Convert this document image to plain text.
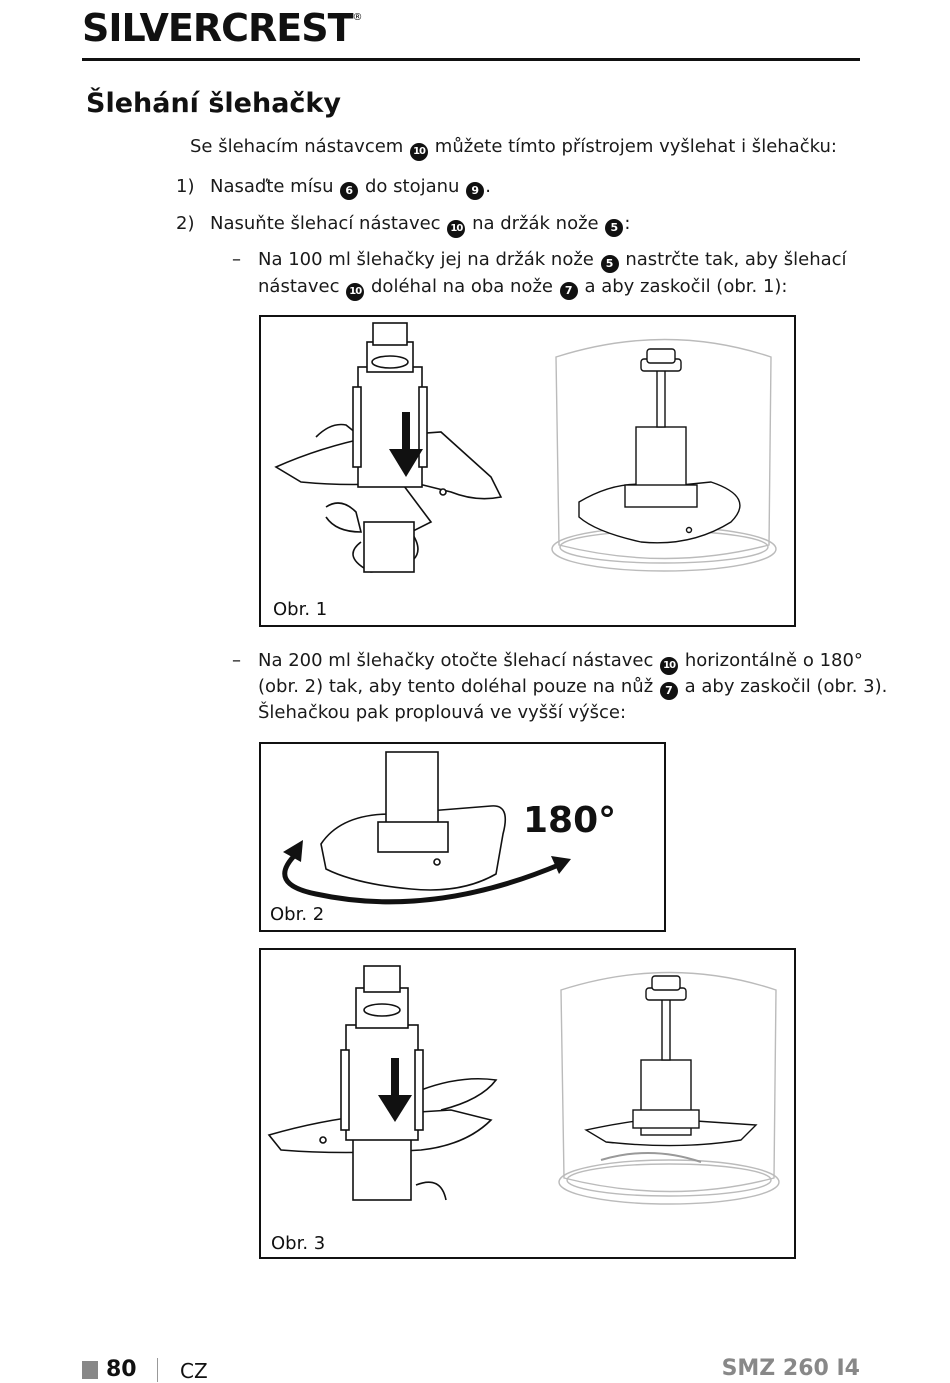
SILVERCREST®
Šlehání šlehačky
Se šlehacím nástavcem 10 můžete tímto přístrojem vyšlehat i šlehačku:
1) Nasaďte mísu 6 do stojanu 9 .
2) Nasuňte šlehací nástavec 10 na držák nože 5 :
– Na 100 ml šlehačky jej na držák nože 5 nastrčte tak, aby šlehací
nástavec 10 doléhal na oba nože 7 a aby zaskočil (obr. 1):
Obr. 1
– Na 200 ml šlehačky otočte šlehací nástavec 10 horizontálně o 180°
(obr. 2) tak, aby tento doléhal pouze na nůž 7 a aby zaskočil (obr. 3).
Šlehačkou pak proplouvá ve vyšší výšce:
180°
Obr. 2
Obr. 3
80 CZ	SMZ 260 I4
